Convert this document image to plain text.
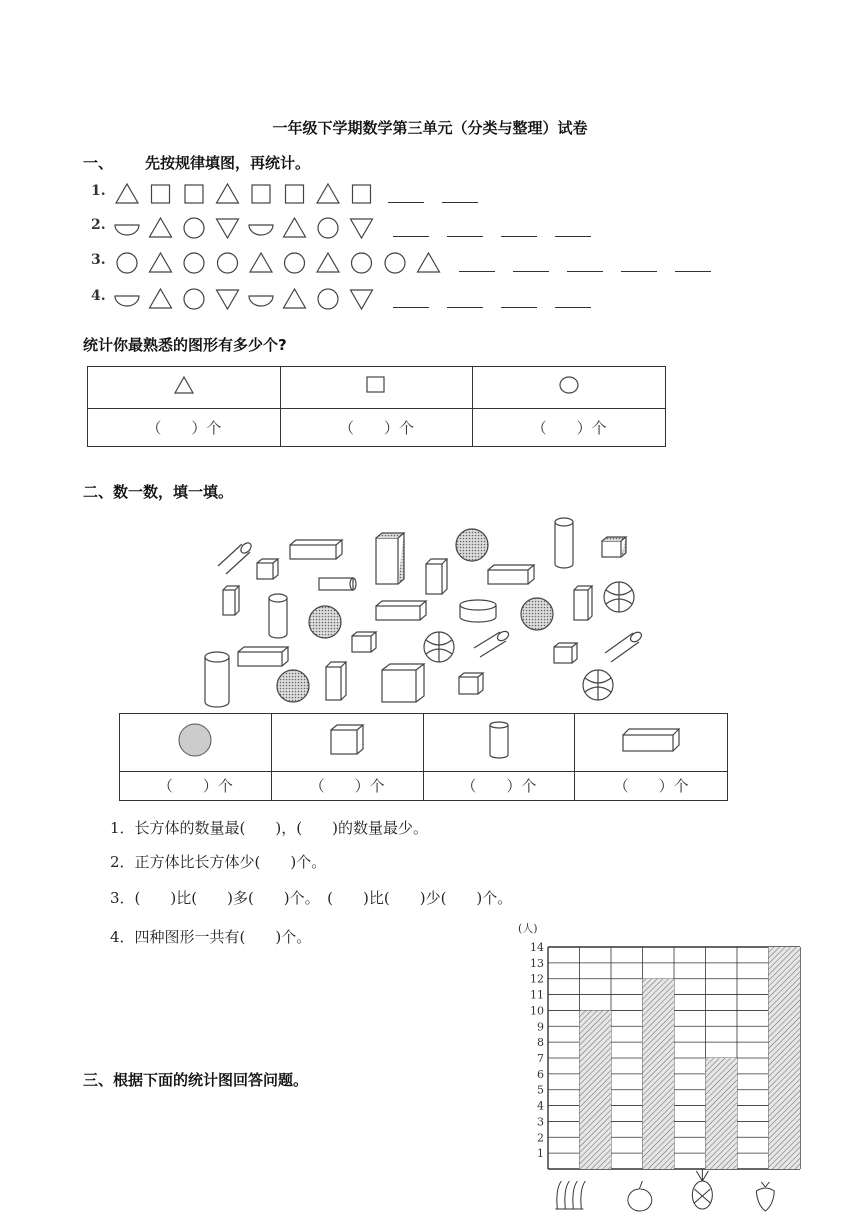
一年级下学期数学第三单元（分类与整理）试卷
一、 先按规律填图，再统计。
1.
2.
3.
4.
统计你最熟悉的图形有多少个?

（　　）个	（　　）个	（　　）个
二、数一数，填一填。

（　　）个	（　　）个	（　　）个	（　　）个
1．长方体的数量最(　　)，(　　)的数量最少。
2．正方体比长方体少(　　)个。
3．(　　)比(　　)多(　　)个。　(　　)比(　　)少(　　)个。
4．四种图形一共有(　　)个。
三、根据下面的统计图回答问题。
(人)
1
2
3
4
5
6
7
8
9
10
11
12
13
14
